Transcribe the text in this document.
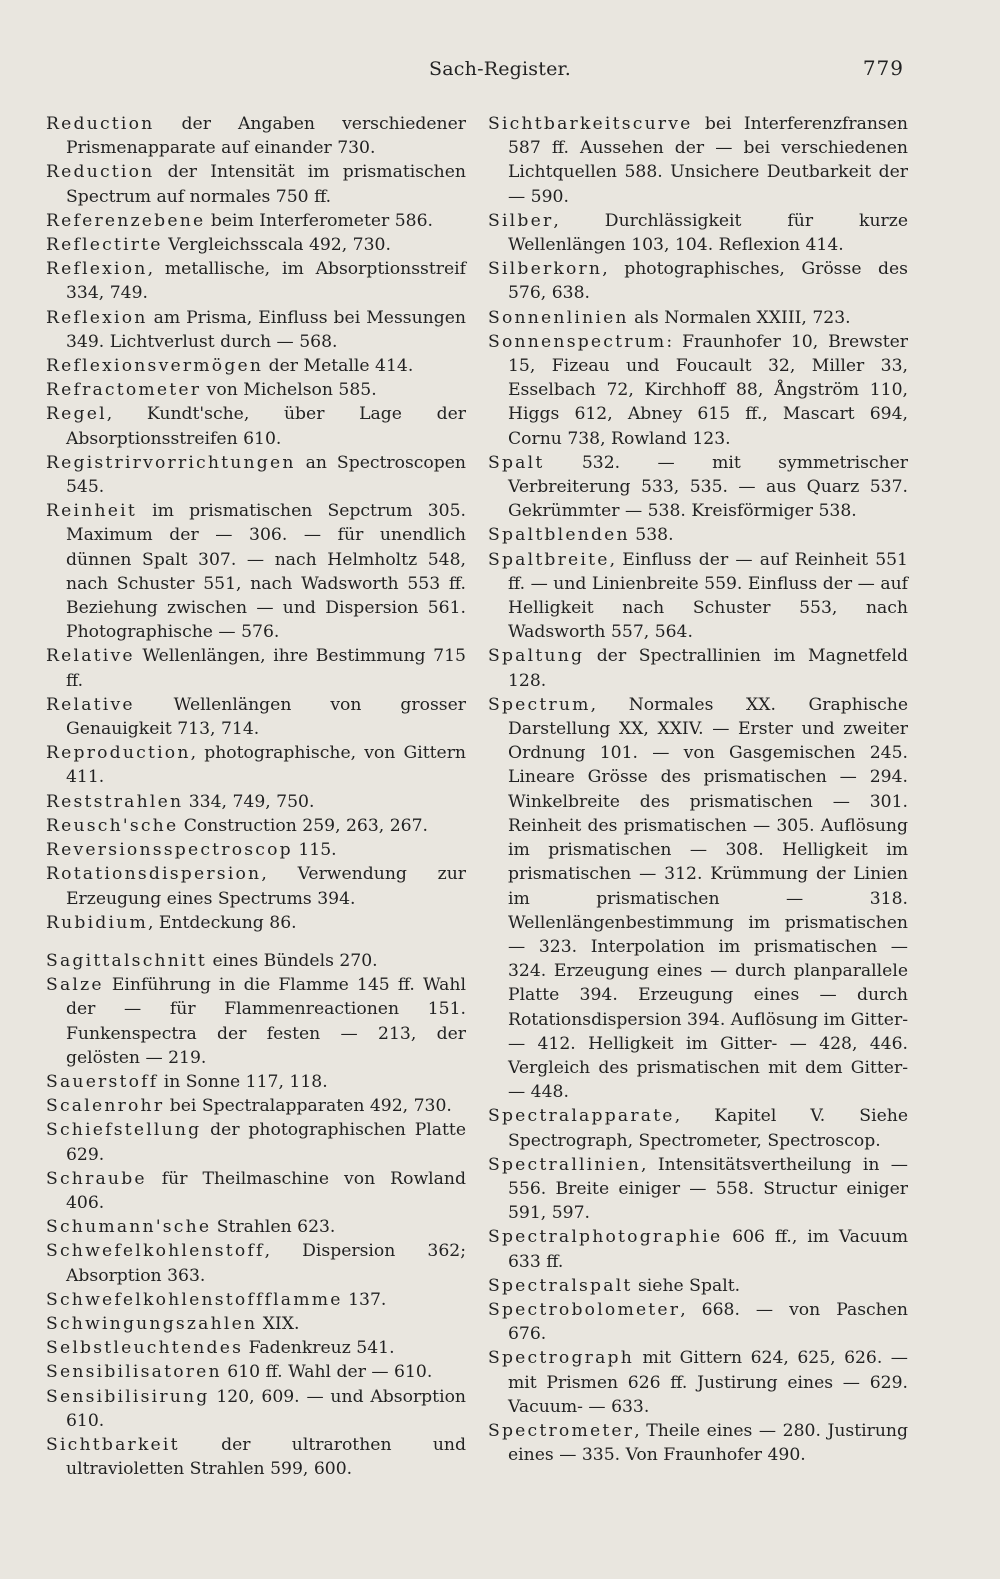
Sach-Register.	779

Reduction der Angaben verschiedener Prismenapparate auf einander 730.

Reduction der Intensität im prismatischen Spectrum auf normales 750 ff.

Referenzebene beim Interferometer 586.

Reflectirte Vergleichsscala 492, 730.

Reflexion, metallische, im Absorptionsstreif 334, 749.

Reflexion am Prisma, Einfluss bei Messungen 349. Lichtverlust durch — 568.

Reflexionsvermögen der Metalle 414.

Refractometer von Michelson 585.

Regel, Kundt'sche, über Lage der Absorptionsstreifen 610.

Registrirvorrichtungen an Spectroscopen 545.

Reinheit im prismatischen Sepctrum 305. Maximum der — 306. — für unendlich dünnen Spalt 307. — nach Helmholtz 548, nach Schuster 551, nach Wadsworth 553 ff. Beziehung zwischen — und Dispersion 561. Photographische — 576.

Relative Wellenlängen, ihre Bestimmung 715 ff.

Relative Wellenlängen von grosser Genauigkeit 713, 714.

Reproduction, photographische, von Gittern 411.

Reststrahlen 334, 749, 750.

Reusch'sche Construction 259, 263, 267.

Reversionsspectroscop 115.

Rotationsdispersion, Verwendung zur Erzeugung eines Spectrums 394.

Rubidium, Entdeckung 86.

Sagittalschnitt eines Bündels 270.

Salze Einführung in die Flamme 145 ff. Wahl der — für Flammenreactionen 151. Funkenspectra der festen — 213, der gelösten — 219.

Sauerstoff in Sonne 117, 118.

Scalenrohr bei Spectralapparaten 492, 730.

Schiefstellung der photographischen Platte 629.

Schraube für Theilmaschine von Rowland 406.

Schumann'sche Strahlen 623.

Schwefelkohlenstoff, Dispersion 362; Absorption 363.

Schwefelkohlenstoffflamme 137.

Schwingungszahlen XIX.

Selbstleuchtendes Fadenkreuz 541.

Sensibilisatoren 610 ff. Wahl der — 610.

Sensibilisirung 120, 609. — und Absorption 610.

Sichtbarkeit der ultrarothen und ultravioletten Strahlen 599, 600.

Sichtbarkeitscurve bei Interferenzfransen 587 ff. Aussehen der — bei verschiedenen Lichtquellen 588. Unsichere Deutbarkeit der — 590.

Silber, Durchlässigkeit für kurze Wellenlängen 103, 104. Reflexion 414.

Silberkorn, photographisches, Grösse des 576, 638.

Sonnenlinien als Normalen XXIII, 723.

Sonnenspectrum: Fraunhofer 10, Brewster 15, Fizeau und Foucault 32, Miller 33, Esselbach 72, Kirchhoff 88, Ångström 110, Higgs 612, Abney 615 ff., Mascart 694, Cornu 738, Rowland 123.

Spalt 532. — mit symmetrischer Verbreiterung 533, 535. — aus Quarz 537. Gekrümmter — 538. Kreisförmiger 538.

Spaltblenden 538.

Spaltbreite, Einfluss der — auf Reinheit 551 ff. — und Linienbreite 559. Einfluss der — auf Helligkeit nach Schuster 553, nach Wadsworth 557, 564.

Spaltung der Spectrallinien im Magnetfeld 128.

Spectrum, Normales XX. Graphische Darstellung XX, XXIV. — Erster und zweiter Ordnung 101. — von Gasgemischen 245. Lineare Grösse des prismatischen — 294. Winkelbreite des prismatischen — 301. Reinheit des prismatischen — 305. Auflösung im prismatischen — 308. Helligkeit im prismatischen — 312. Krümmung der Linien im prismatischen — 318. Wellenlängenbestimmung im prismatischen — 323. Interpolation im prismatischen — 324. Erzeugung eines — durch planparallele Platte 394. Erzeugung eines — durch Rotationsdispersion 394. Auflösung im Gitter- — 412. Helligkeit im Gitter- — 428, 446. Vergleich des prismatischen mit dem Gitter- — 448.

Spectralapparate, Kapitel V. Siehe Spectrograph, Spectrometer, Spectroscop.

Spectrallinien, Intensitätsvertheilung in — 556. Breite einiger — 558. Structur einiger 591, 597.

Spectralphotographie 606 ff., im Vacuum 633 ff.

Spectralspalt siehe Spalt.

Spectrobolometer, 668. — von Paschen 676.

Spectrograph mit Gittern 624, 625, 626. — mit Prismen 626 ff. Justirung eines — 629. Vacuum- — 633.

Spectrometer, Theile eines — 280. Justirung eines — 335. Von Fraunhofer 490.
